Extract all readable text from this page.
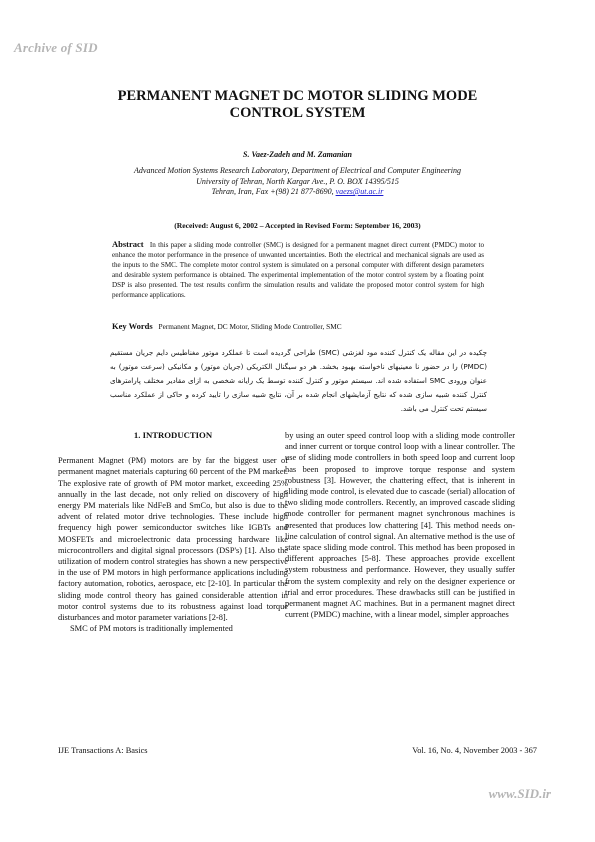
Archive of SID
PERMANENT MAGNET DC MOTOR SLIDING MODE CONTROL SYSTEM
S. Vaez-Zadeh and M. Zamanian
Advanced Motion Systems Research Laboratory, Department of Electrical and Computer Engineering
University of Tehran, North Kargar Ave., P. O. BOX 14395/515
Tehran, Iran, Fax +(98) 21 877-8690, vaezs@ut.ac.ir
(Received: August 6, 2002 – Accepted in Revised Form: September 16, 2003)
Abstract In this paper a sliding mode controller (SMC) is designed for a permanent magnet direct current (PMDC) motor to enhance the motor performance in the presence of unwanted uncertainties. Both the electrical and mechanical signals are used as the inputs to the SMC. The complete motor control system is simulated on a personal computer with different design parameters and desirable system performance is obtained. The experimental implementation of the motor control system by a floating point DSP is also presented. The test results confirm the simulation results and validate the proposed motor control system for high performance applications.
Key Words Permanent Magnet, DC Motor, Sliding Mode Controller, SMC
چکیده در این مقاله یک کنترل کننده مود لغزشی (SMC) طراحی گردیده است تا عملکرد موتور مغناطیس دایم جریان مستقیم (PMDC) را در حضور نا معینیهای ناخواسته بهبود بخشد. هر دو سیگنال الکتریکی (جریان موتور) و مکانیکی (سرعت موتور) به عنوان ورودی SMC استفاده شده اند. سیستم موتور و کنترل کننده توسط یک رایانه شخصی به ازای مقادیر مختلف پارامترهای کنترل کننده شبیه سازی شده که نتایج آزمایشهای انجام شده بر آن، نتایج شبیه سازی را تایید کرده و حاکی از عملکرد مناسب سیستم تحت کنترل می باشد.
1. INTRODUCTION

Permanent Magnet (PM) motors are by far the biggest user of permanent magnet materials capturing 60 percent of the PM market. The explosive rate of growth of PM motor market, exceeding 25% annually in the last decade, not only relied on discovery of high energy PM materials like NdFeB and SmCo, but also is due to the advent of related motor drive technologies. These include high frequency high power semiconductor switches like IGBTs and MOSFETs and microelectronic data processing hardware like microcontrollers and digital signal processors (DSP's) [1]. Also the utilization of modern control strategies has shown a new perspective in the use of PM motors in high performance applications including factory automation, robotics, aerospace, etc [2-10]. In particular the sliding mode control theory has gained considerable attention in motor control systems due to its robustness against load torque disturbances and motor parameter variations [2-8].

SMC of PM motors is traditionally implemented

by using an outer speed control loop with a sliding mode controller and inner current or torque control loop with a linear controller. The use of sliding mode controllers in both speed loop and current loop has been proposed to improve torque response and system robustness [3]. However, the chattering effect, that is inherent in sliding mode control, is elevated due to cascade (serial) allocation of two sliding mode controllers. Recently, an improved cascade sliding mode controller for permanent magnet synchronous machines is presented that produces low chattering [4]. This method needs on-line calculation of control signal. An alternative method is the use of state space sliding mode control. This method has been proposed in different approaches [5-8]. These approaches provide excellent system robustness and performance. However, they usually suffer from the system complexity and rely on the designer experience or trial and error procedures. These drawbacks still can be justified in permanent magnet AC machines. But in a permanent magnet direct current (PMDC) machine, with a linear model, simpler approaches

IJE Transactions A: Basics	Vol. 16, No. 4, November 2003 - 367
www.SID.ir
